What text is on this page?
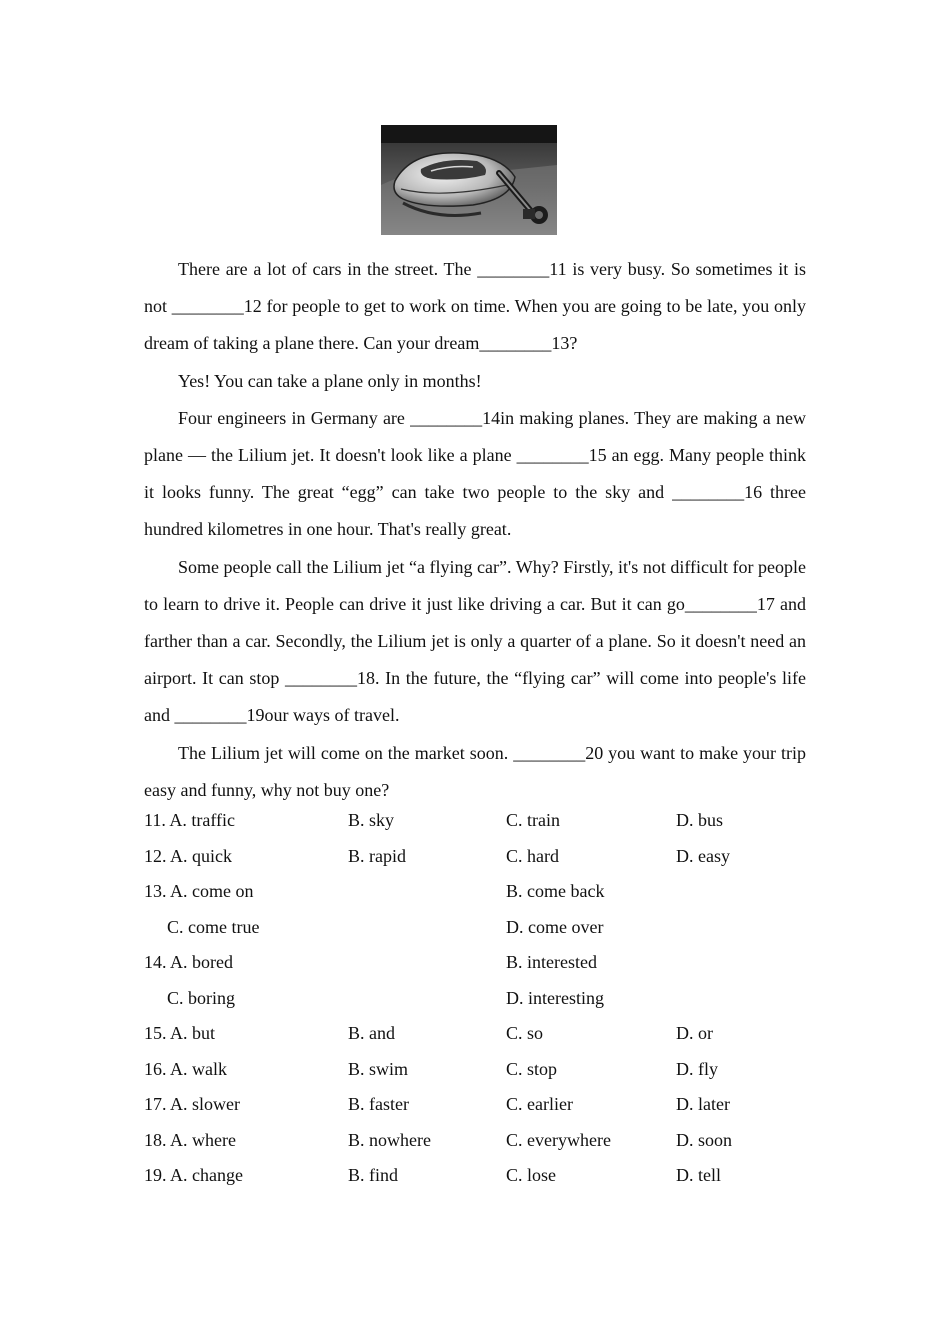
There are a lot of cars in the street. The ________11 is very busy. So sometimes it is not ________12 for people to get to work on time. When you are going to be late, you only dream of taking a plane there. Can your dream________13?

Yes! You can take a plane only in months!

Four engineers in Germany are ________14in making planes. They are making a new plane — the Lilium jet. It doesn't look like a plane ________15 an egg. Many people think it looks funny. The great “egg” can take two people to the sky and ________16 three hundred kilometres in one hour. That's really great.

Some people call the Lilium jet “a flying car”. Why? Firstly, it's not difficult for people to learn to drive it. People can drive it just like driving a car. But it can go________17 and farther than a car. Secondly, the Lilium jet is only a quarter of a plane. So it doesn't need an airport. It can stop ________18. In the future, the “flying car” will come into people's life and ________19our ways of travel.

The Lilium jet will come on the market soon. ________20 you want to make your trip easy and funny, why not buy one?

11. A. traffic	B. sky	C. train	D. bus
12. A. quick	B. rapid	C. hard	D. easy
13. A. come on	B. come back
C. come true	D. come over
14. A. bored	B. interested
C. boring	D. interesting
15. A. but	B. and	C. so	D. or
16. A. walk	B. swim	C. stop	D. fly
17. A. slower	B. faster	C. earlier	D. later
18. A. where	B. nowhere	C. everywhere	D. soon
19. A. change	B. find	C. lose	D. tell
